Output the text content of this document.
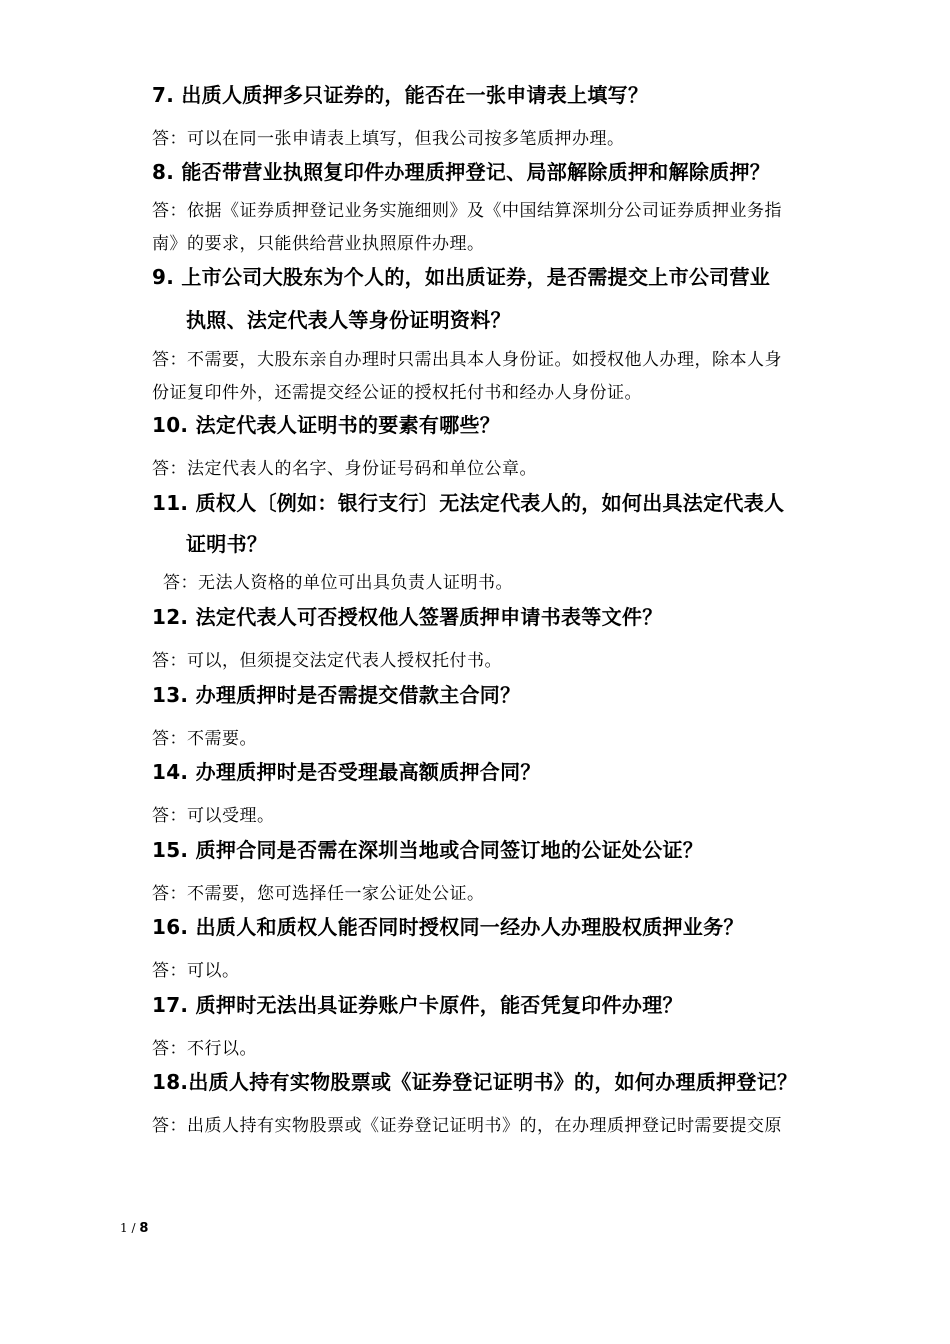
7. 出质人质押多只证券的，能否在一张申请表上填写？
答：可以在同一张申请表上填写，但我公司按多笔质押办理。
8. 能否带营业执照复印件办理质押登记、局部解除质押和解除质押？
答：依据《证券质押登记业务实施细则》及《中国结算深圳分公司证券质押业务指
南》的要求，只能供给营业执照原件办理。
9. 上市公司大股东为个人的，如出质证券，是否需提交上市公司营业
执照、法定代表人等身份证明资料？
答：不需要，大股东亲自办理时只需出具本人身份证。如授权他人办理，除本人身
份证复印件外，还需提交经公证的授权托付书和经办人身份证。
10. 法定代表人证明书的要素有哪些？
答：法定代表人的名字、身份证号码和单位公章。
11. 质权人〔例如：银行支行〕无法定代表人的，如何出具法定代表人
证明书？
答：无法人资格的单位可出具负责人证明书。
12. 法定代表人可否授权他人签署质押申请书表等文件？
答：可以，但须提交法定代表人授权托付书。
13. 办理质押时是否需提交借款主合同？
答：不需要。
14. 办理质押时是否受理最高额质押合同？
答：可以受理。
15. 质押合同是否需在深圳当地或合同签订地的公证处公证？
答：不需要，您可选择任一家公证处公证。
16. 出质人和质权人能否同时授权同一经办人办理股权质押业务？
答：可以。
17. 质押时无法出具证券账户卡原件，能否凭复印件办理？
答：不行以。
18.出质人持有实物股票或《证券登记证明书》的，如何办理质押登记？
答：出质人持有实物股票或《证券登记证明书》的，在办理质押登记时需要提交原
1 / 8
